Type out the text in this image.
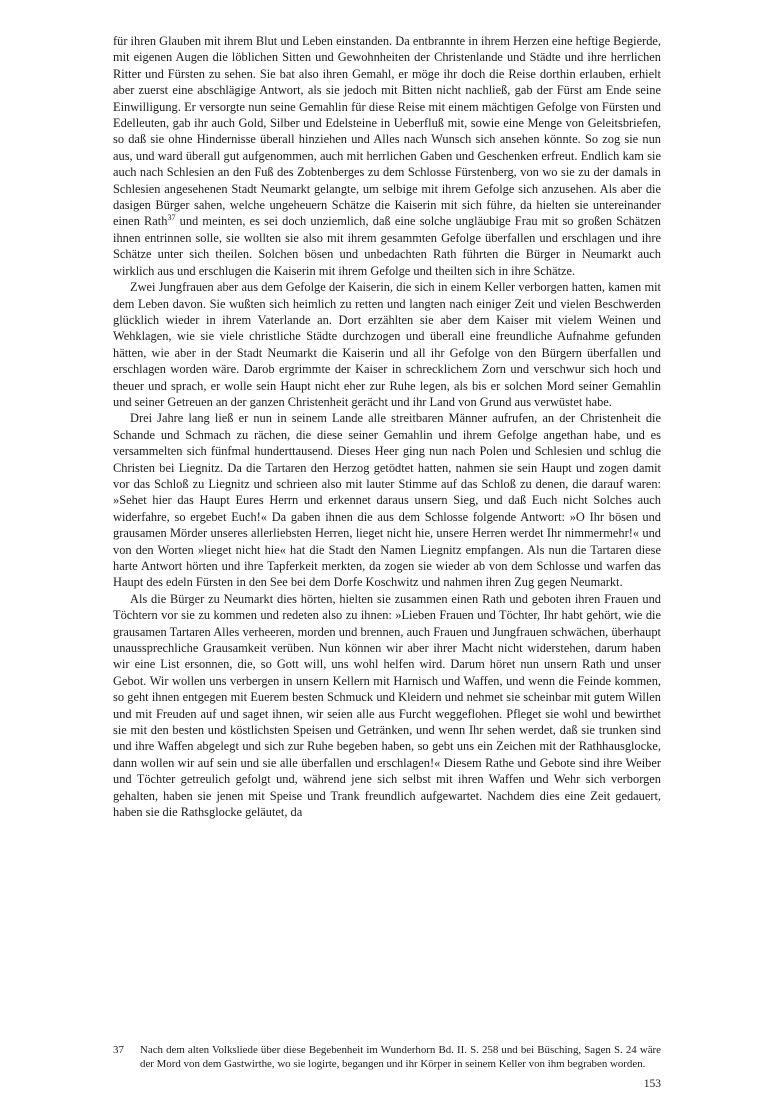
für ihren Glauben mit ihrem Blut und Leben einstanden. Da entbrannte in ihrem Herzen eine heftige Begierde, mit eigenen Augen die löblichen Sitten und Gewohnheiten der Christenlande und Städte und ihre herrlichen Ritter und Fürsten zu sehen. Sie bat also ihren Gemahl, er möge ihr doch die Reise dorthin erlauben, erhielt aber zuerst eine abschlägige Antwort, als sie jedoch mit Bitten nicht nachließ, gab der Fürst am Ende seine Einwilligung. Er versorgte nun seine Gemahlin für diese Reise mit einem mächtigen Gefolge von Fürsten und Edelleuten, gab ihr auch Gold, Silber und Edelsteine in Ueberfluß mit, sowie eine Menge von Geleitsbriefen, so daß sie ohne Hindernisse überall hinziehen und Alles nach Wunsch sich ansehen könnte. So zog sie nun aus, und ward überall gut aufgenommen, auch mit herrlichen Gaben und Geschenken erfreut. Endlich kam sie auch nach Schlesien an den Fuß des Zobtenberges zu dem Schlosse Fürstenberg, von wo sie zu der damals in Schlesien angesehenen Stadt Neumarkt gelangte, um selbige mit ihrem Gefolge sich anzusehen. Als aber die dasigen Bürger sahen, welche ungeheuern Schätze die Kaiserin mit sich führe, da hielten sie untereinander einen Rath$^{37}$ und meinten, es sei doch unziemlich, daß eine solche ungläubige Frau mit so großen Schätzen ihnen entrinnen solle, sie wollten sie also mit ihrem gesammten Gefolge überfallen und erschlagen und ihre Schätze unter sich theilen. Solchen bösen und unbedachten Rath führten die Bürger in Neumarkt auch wirklich aus und erschlugen die Kaiserin mit ihrem Gefolge und theilten sich in ihre Schätze.

Zwei Jungfrauen aber aus dem Gefolge der Kaiserin, die sich in einem Keller verborgen hatten, kamen mit dem Leben davon. Sie wußten sich heimlich zu retten und langten nach einiger Zeit und vielen Beschwerden glücklich wieder in ihrem Vaterlande an. Dort erzählten sie aber dem Kaiser mit vielem Weinen und Wehklagen, wie sie viele christliche Städte durchzogen und überall eine freundliche Aufnahme gefunden hätten, wie aber in der Stadt Neumarkt die Kaiserin und all ihr Gefolge von den Bürgern überfallen und erschlagen worden wäre. Darob ergrimmte der Kaiser in schrecklichem Zorn und verschwur sich hoch und theuer und sprach, er wolle sein Haupt nicht eher zur Ruhe legen, als bis er solchen Mord seiner Gemahlin und seiner Getreuen an der ganzen Christenheit gerächt und ihr Land von Grund aus verwüstet habe.

Drei Jahre lang ließ er nun in seinem Lande alle streitbaren Männer aufrufen, an der Christenheit die Schande und Schmach zu rächen, die diese seiner Gemahlin und ihrem Gefolge angethan habe, und es versammelten sich fünfmal hunderttausend. Dieses Heer ging nun nach Polen und Schlesien und schlug die Christen bei Liegnitz. Da die Tartaren den Herzog getödtet hatten, nahmen sie sein Haupt und zogen damit vor das Schloß zu Liegnitz und schrieen also mit lauter Stimme auf das Schloß zu denen, die darauf waren: »Sehet hier das Haupt Eures Herrn und erkennet daraus unsern Sieg, und daß Euch nicht Solches auch widerfahre, so ergebet Euch!« Da gaben ihnen die aus dem Schlosse folgende Antwort: »O Ihr bösen und grausamen Mörder unseres allerliebsten Herren, lieget nicht hie, unsere Herren werdet Ihr nimmermehr!« und von den Worten »lieget nicht hie« hat die Stadt den Namen Liegnitz empfangen. Als nun die Tartaren diese harte Antwort hörten und ihre Tapferkeit merkten, da zogen sie wieder ab von dem Schlosse und warfen das Haupt des edeln Fürsten in den See bei dem Dorfe Koschwitz und nahmen ihren Zug gegen Neumarkt.

Als die Bürger zu Neumarkt dies hörten, hielten sie zusammen einen Rath und geboten ihren Frauen und Töchtern vor sie zu kommen und redeten also zu ihnen: »Lieben Frauen und Töchter, Ihr habt gehört, wie die grausamen Tartaren Alles verheeren, morden und brennen, auch Frauen und Jungfrauen schwächen, überhaupt unaussprechliche Grausamkeit verüben. Nun können wir aber ihrer Macht nicht widerstehen, darum haben wir eine List ersonnen, die, so Gott will, uns wohl helfen wird. Darum höret nun unsern Rath und unser Gebot. Wir wollen uns verbergen in unsern Kellern mit Harnisch und Waffen, und wenn die Feinde kommen, so geht ihnen entgegen mit Euerem besten Schmuck und Kleidern und nehmet sie scheinbar mit gutem Willen und mit Freuden auf und saget ihnen, wir seien alle aus Furcht weggeflohen. Pfleget sie wohl und bewirthet sie mit den besten und köstlichsten Speisen und Getränken, und wenn Ihr sehen werdet, daß sie trunken sind und ihre Waffen abgelegt und sich zur Ruhe begeben haben, so gebt uns ein Zeichen mit der Rathhausglocke, dann wollen wir auf sein und sie alle überfallen und erschlagen!« Diesem Rathe und Gebote sind ihre Weiber und Töchter getreulich gefolgt und, während jene sich selbst mit ihren Waffen und Wehr sich verborgen gehalten, haben sie jenen mit Speise und Trank freundlich aufgewartet. Nachdem dies eine Zeit gedauert, haben sie die Rathsglocke geläutet, da

37	Nach dem alten Volksliede über diese Begebenheit im Wunderhorn Bd. II. S. 258 und bei Büsching, Sagen S. 24 wäre der Mord von dem Gastwirthe, wo sie logirte, begangen und ihr Körper in seinem Keller von ihm begraben worden.
153
